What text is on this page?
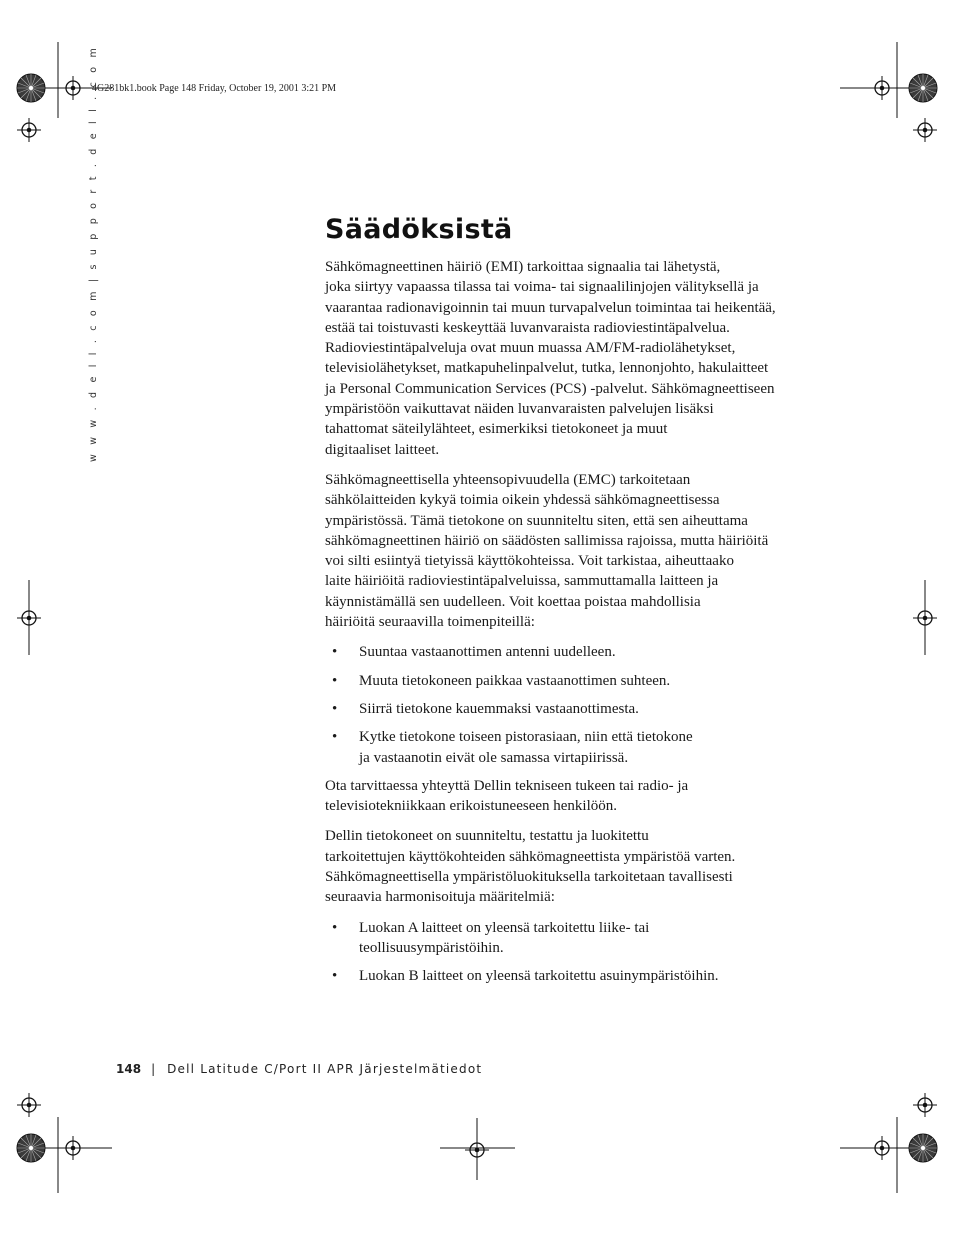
4G281bk1.book Page 148 Friday, October 19, 2001 3:21 PM
w w w . d e l l . c o m | s u p p o r t . d e l l . c o m	Säädöksistä

Sähkömagneettinen häiriö (EMI) tarkoittaa signaalia tai lähetystä,
joka siirtyy vapaassa tilassa tai voima- tai signaalilinjojen välityksellä ja
vaarantaa radionavigoinnin tai muun turvapalvelun toimintaa tai heikentää,
estää tai toistuvasti keskeyttää luvanvaraista radioviestintäpalvelua.
Radioviestintäpalveluja ovat muun muassa AM/FM-radiolähetykset,
televisiolähetykset, matkapuhelinpalvelut, tutka, lennonjohto, hakulaitteet
ja Personal Communication Services (PCS) -palvelut. Sähkömagneettiseen
ympäristöön vaikuttavat näiden luvanvaraisten palvelujen lisäksi
tahattomat säteilylähteet, esimerkiksi tietokoneet ja muut
digitaaliset laitteet.

Sähkömagneettisella yhteensopivuudella (EMC) tarkoitetaan
sähkölaitteiden kykyä toimia oikein yhdessä sähkömagneettisessa
ympäristössä. Tämä tietokone on suunniteltu siten, että sen aiheuttama
sähkömagneettinen häiriö on säädösten sallimissa rajoissa, mutta häiriöitä
voi silti esiintyä tietyissä käyttökohteissa. Voit tarkistaa, aiheuttaako
laite häiriöitä radioviestintäpalveluissa, sammuttamalla laitteen ja
käynnistämällä sen uudelleen. Voit koettaa poistaa mahdollisia
häiriöitä seuraavilla toimenpiteillä:

• Suuntaa vastaanottimen antenni uudelleen.
• Muuta tietokoneen paikkaa vastaanottimen suhteen.
• Siirrä tietokone kauemmaksi vastaanottimesta.
• Kytke tietokone toiseen pistorasiaan, niin että tietokone
ja vastaanotin eivät ole samassa virtapiirissä.

Ota tarvittaessa yhteyttä Dellin tekniseen tukeen tai radio- ja
televisiotekniikkaan erikoistuneeseen henkilöön.

Dellin tietokoneet on suunniteltu, testattu ja luokitettu
tarkoitettujen käyttökohteiden sähkömagneettista ympäristöä varten.
Sähkömagneettisella ympäristöluokituksella tarkoitetaan tavallisesti
seuraavia harmonisoituja määritelmiä:

• Luokan A laitteet on yleensä tarkoitettu liike- tai
teollisuusympäristöihin.
• Luokan B laitteet on yleensä tarkoitettu asuinympäristöihin.
148 | Dell Latitude C/Port II APR Järjestelmätiedot
